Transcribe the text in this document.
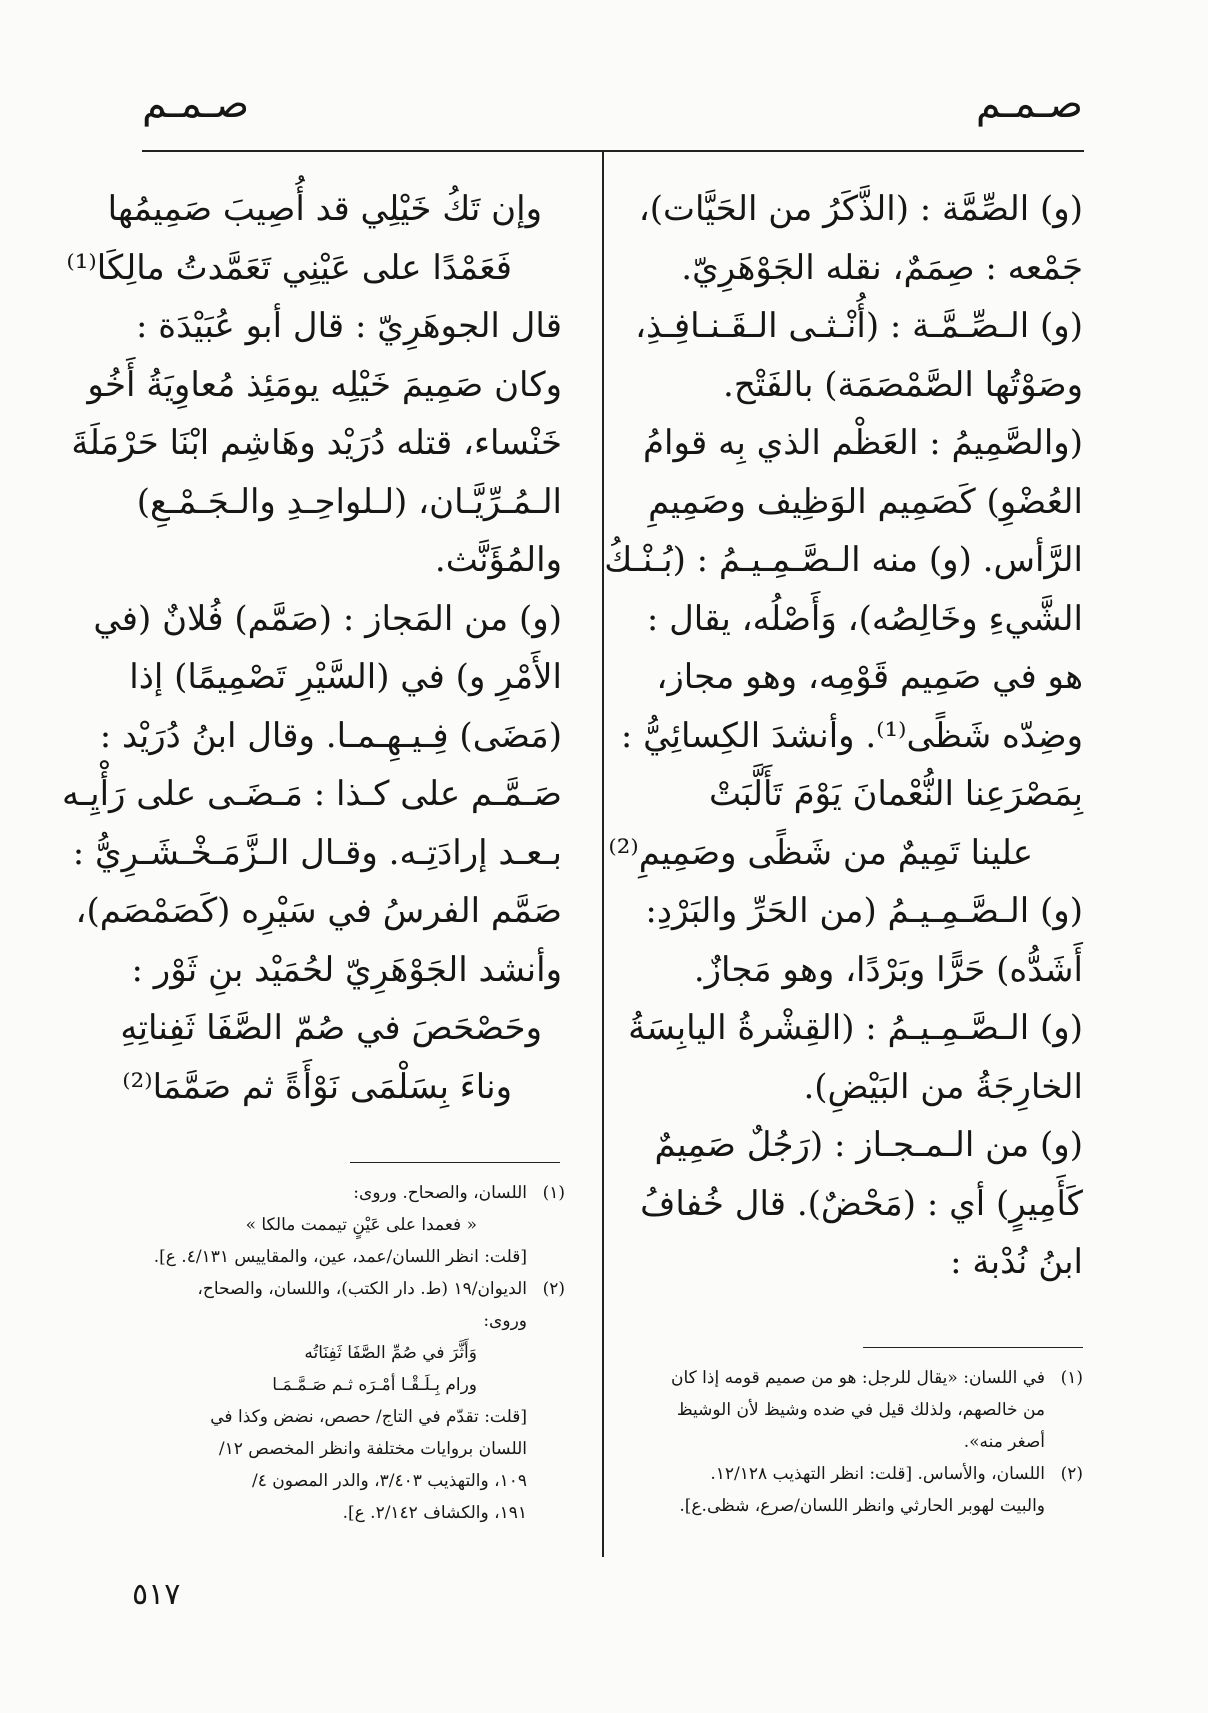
صـمـم
صـمـم
(و) الصِّمَّة : (الذَّكَرُ من الحَيَّات)،
جَمْعه : صِمَمٌ، نقله الجَوْهَرِيّ.
(و) الـصِّـمَّـة : (أُنْـثـى الـقَـنـافِـذِ،
وصَوْتُها الصَّمْصَمَة) بالفَتْح.
(والصَّمِيمُ : العَظْم الذي بِه قوامُ
العُضْوِ) كَصَمِيم الوَظِيف وصَمِيمِ
الرَّأس. (و) منه الـصَّـمِـيـمُ : (بُـنْـكُ
الشَّيءِ وخَالِصُه)، وَأَصْلُه، يقال :
هو في صَمِيم قَوْمِه، وهو مجاز،
وضِدّه شَظًى⁽¹⁾. وأنشدَ الكِسائِيُّ :
بِمَصْرَعِنا النُّعْمانَ يَوْمَ تَأَلَّبَتْ
علينا تَمِيمٌ من شَظًى وصَمِيمِ⁽²⁾
(و) الـصَّـمِـيـمُ (من الحَرِّ والبَرْدِ:
أَشَدُّه) حَرًّا وبَرْدًا، وهو مَجازٌ.
(و) الـصَّـمِـيـمُ : (القِشْرةُ اليابِسَةُ
الخارِجَةُ من البَيْضِ).
(و) من الـمـجـاز : (رَجُلٌ صَمِيمٌ
كَأَمِيرٍ) أي : (مَحْضٌ). قال خُفافُ
ابنُ نُدْبة :
وإن تَكُ خَيْلِي قد أُصِيبَ صَمِيمُها
فَعَمْدًا على عَيْنِي تَعَمَّدتُ مالِكَا⁽¹⁾
قال الجوهَرِيّ : قال أبو عُبَيْدَة :
وكان صَمِيمَ خَيْلِه يومَئِذ مُعاوِيَةُ أَخُو
خَنْساء، قتله دُرَيْد وهَاشِم ابْنَا حَرْمَلَةَ
الـمُـرِّيَّـان، (لـلواحِـدِ والـجَـمْـعِ)
والمُؤَنَّث.
(و) من المَجاز : (صَمَّم) فُلانٌ (في
الأَمْرِ و) في (السَّيْرِ تَصْمِيمًا) إذا
(مَضَى) فِـيـهِـمـا. وقال ابنُ دُرَيْد :
صَـمَّـم على كـذا : مَـضَـى على رَأْيِـه
بـعـد إرادَتِـه. وقـال الـزَّمَـخْـشَـرِيُّ :
صَمَّم الفرسُ في سَيْرِه (كَصَمْصَم)،
وأنشد الجَوْهَرِيّ لحُمَيْد بنِ ثَوْر :
وحَصْحَصَ في صُمّ الصَّفَا ثَفِناتِهِ
وناءَ بِسَلْمَى نَوْأَةً ثم صَمَّمَا⁽²⁾
(١)
في اللسان: «يقال للرجل: هو من صميم قومه إذا كان
من خالصهم، ولذلك قيل في ضده وشيظ لأن الوشيظ
أصغر منه».
(٢)
اللسان، والأساس. [قلت: انظر التهذيب ١٢/١٢٨.
والبيت لهوبر الحارثي وانظر اللسان/صرع، شظى.ع].
(١)
اللسان، والصحاح. وروى:
« فعمدا على عَيْنٍ تيممت مالكا »
[قلت: انظر اللسان/عمد، عين، والمقاييس ٤/١٣١. ع].
(٢)
الديوان/١٩ (ط. دار الكتب)، واللسان، والصحاح،
وروى:
وَأَثَّرَ في صُمِّ الصَّفَا ثَفِنَاتُه
ورام بِـلَـقْـا أمْـرَه ثـم صَـمَّـمَـا
[قلت: تقدّم في التاج/ حصص، نضض وكذا في
اللسان بروايات مختلفة وانظر المخصص ١٢/
١٠٩، والتهذيب ٣/٤٠٣، والدر المصون ٤/
١٩١، والكشاف ٢/١٤٢. ع].
٥١٧
